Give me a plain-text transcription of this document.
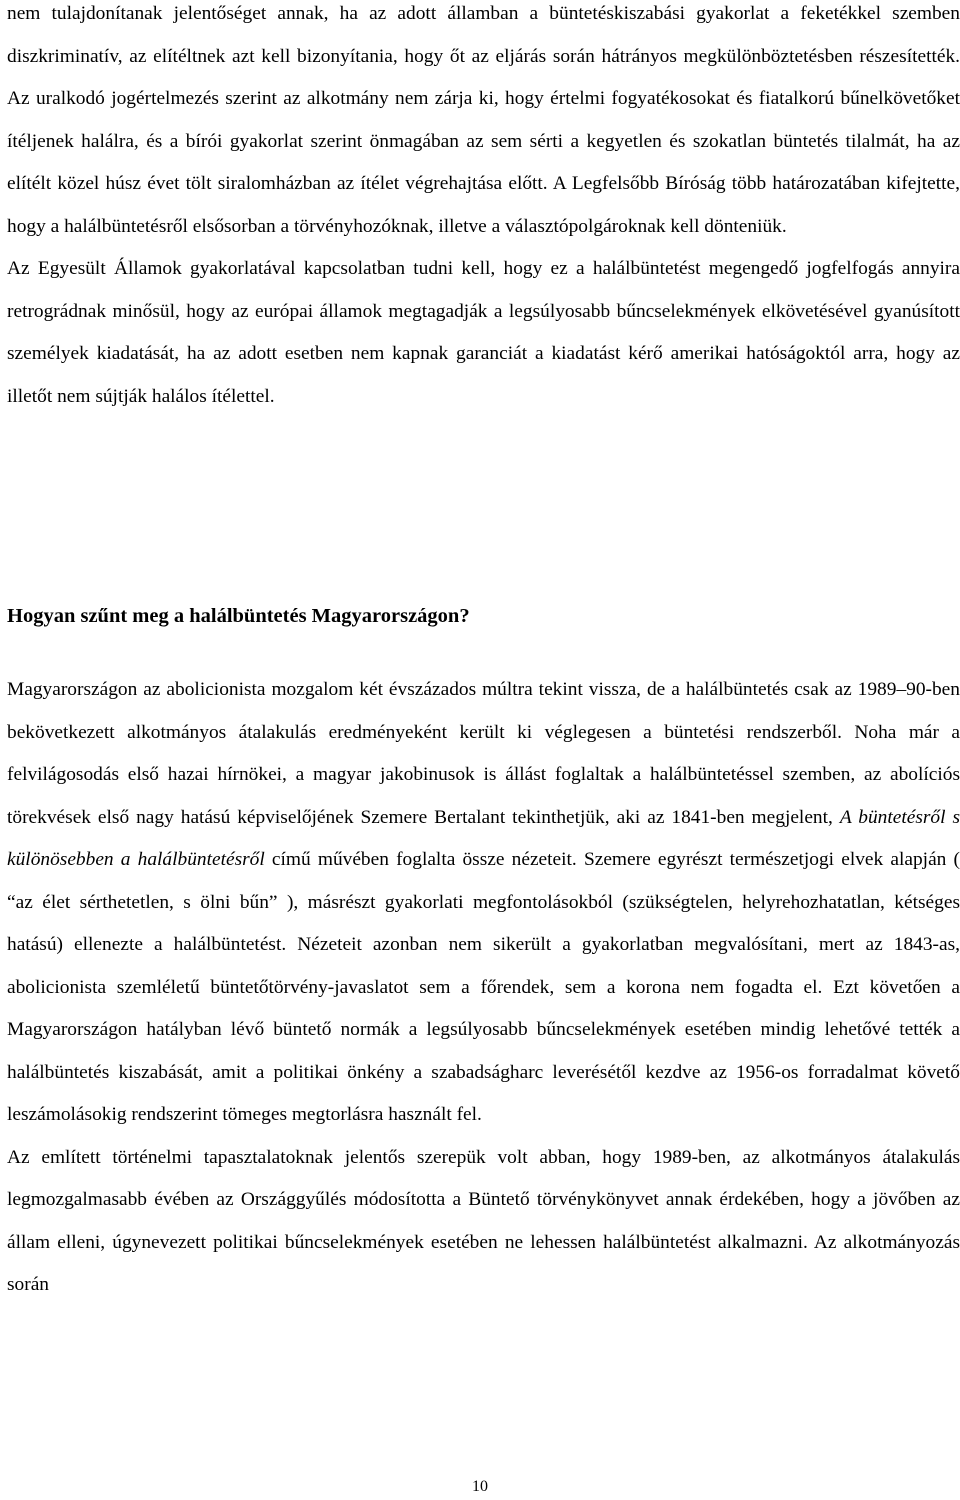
nem tulajdonítanak jelentőséget annak, ha az adott államban a büntetéskiszabási gyakorlat a feketékkel szemben diszkriminatív, az elítéltnek azt kell bizonyítania, hogy őt az eljárás során hátrányos megkülönböztetésben részesítették. Az uralkodó jogértelmezés szerint az alkotmány nem zárja ki, hogy értelmi fogyatékosokat és fiatalkorú bűnelkövetőket ítéljenek halálra, és a bírói gyakorlat szerint önmagában az sem sérti a kegyetlen és szokatlan büntetés tilalmát, ha az elítélt közel húsz évet tölt siralomházban az ítélet végrehajtása előtt. A Legfelsőbb Bíróság több határozatában kifejtette, hogy a halálbüntetésről elsősorban a törvényhozóknak, illetve a választópolgároknak kell dönteniük.

Az Egyesült Államok gyakorlatával kapcsolatban tudni kell, hogy ez a halálbüntetést megengedő jogfelfogás annyira retrográdnak minősül, hogy az európai államok megtagadják a legsúlyosabb bűncselekmények elkövetésével gyanúsított személyek kiadatását, ha az adott esetben nem kapnak garanciát a kiadatást kérő amerikai hatóságoktól arra, hogy az illetőt nem sújtják halálos ítélettel.

Hogyan szűnt meg a halálbüntetés Magyarországon?

Magyarországon az abolicionista mozgalom két évszázados múltra tekint vissza, de a halálbüntetés csak az 1989–90-ben bekövetkezett alkotmányos átalakulás eredményeként került ki véglegesen a büntetési rendszerből. Noha már a felvilágosodás első hazai hírnökei, a magyar jakobinusok is állást foglaltak a halálbüntetéssel szemben, az abolíciós törekvések első nagy hatású képviselőjének Szemere Bertalant tekinthetjük, aki az 1841-ben megjelent, A büntetésről s különösebben a halálbüntetésről című művében foglalta össze nézeteit. Szemere egyrészt természetjogi elvek alapján ( “az élet sérthetetlen, s ölni bűn” ), másrészt gyakorlati megfontolásokból (szükségtelen, helyrehozhatatlan, kétséges hatású) ellenezte a halálbüntetést. Nézeteit azonban nem sikerült a gyakorlatban megvalósítani, mert az 1843-as, abolicionista szemléletű büntetőtörvény-javaslatot sem a főrendek, sem a korona nem fogadta el. Ezt követően a Magyarországon hatályban lévő büntető normák a legsúlyosabb bűncselekmények esetében mindig lehetővé tették a halálbüntetés kiszabását, amit a politikai önkény a szabadságharc leverésétől kezdve az 1956-os forradalmat követő leszámolásokig rendszerint tömeges megtorlásra használt fel.

Az említett történelmi tapasztalatoknak jelentős szerepük volt abban, hogy 1989-ben, az alkotmányos átalakulás legmozgalmasabb évében az Országgyűlés módosította a Büntető törvénykönyvet annak érdekében, hogy a jövőben az állam elleni, úgynevezett politikai bűncselekmények esetében ne lehessen halálbüntetést alkalmazni. Az alkotmányozás során

10
